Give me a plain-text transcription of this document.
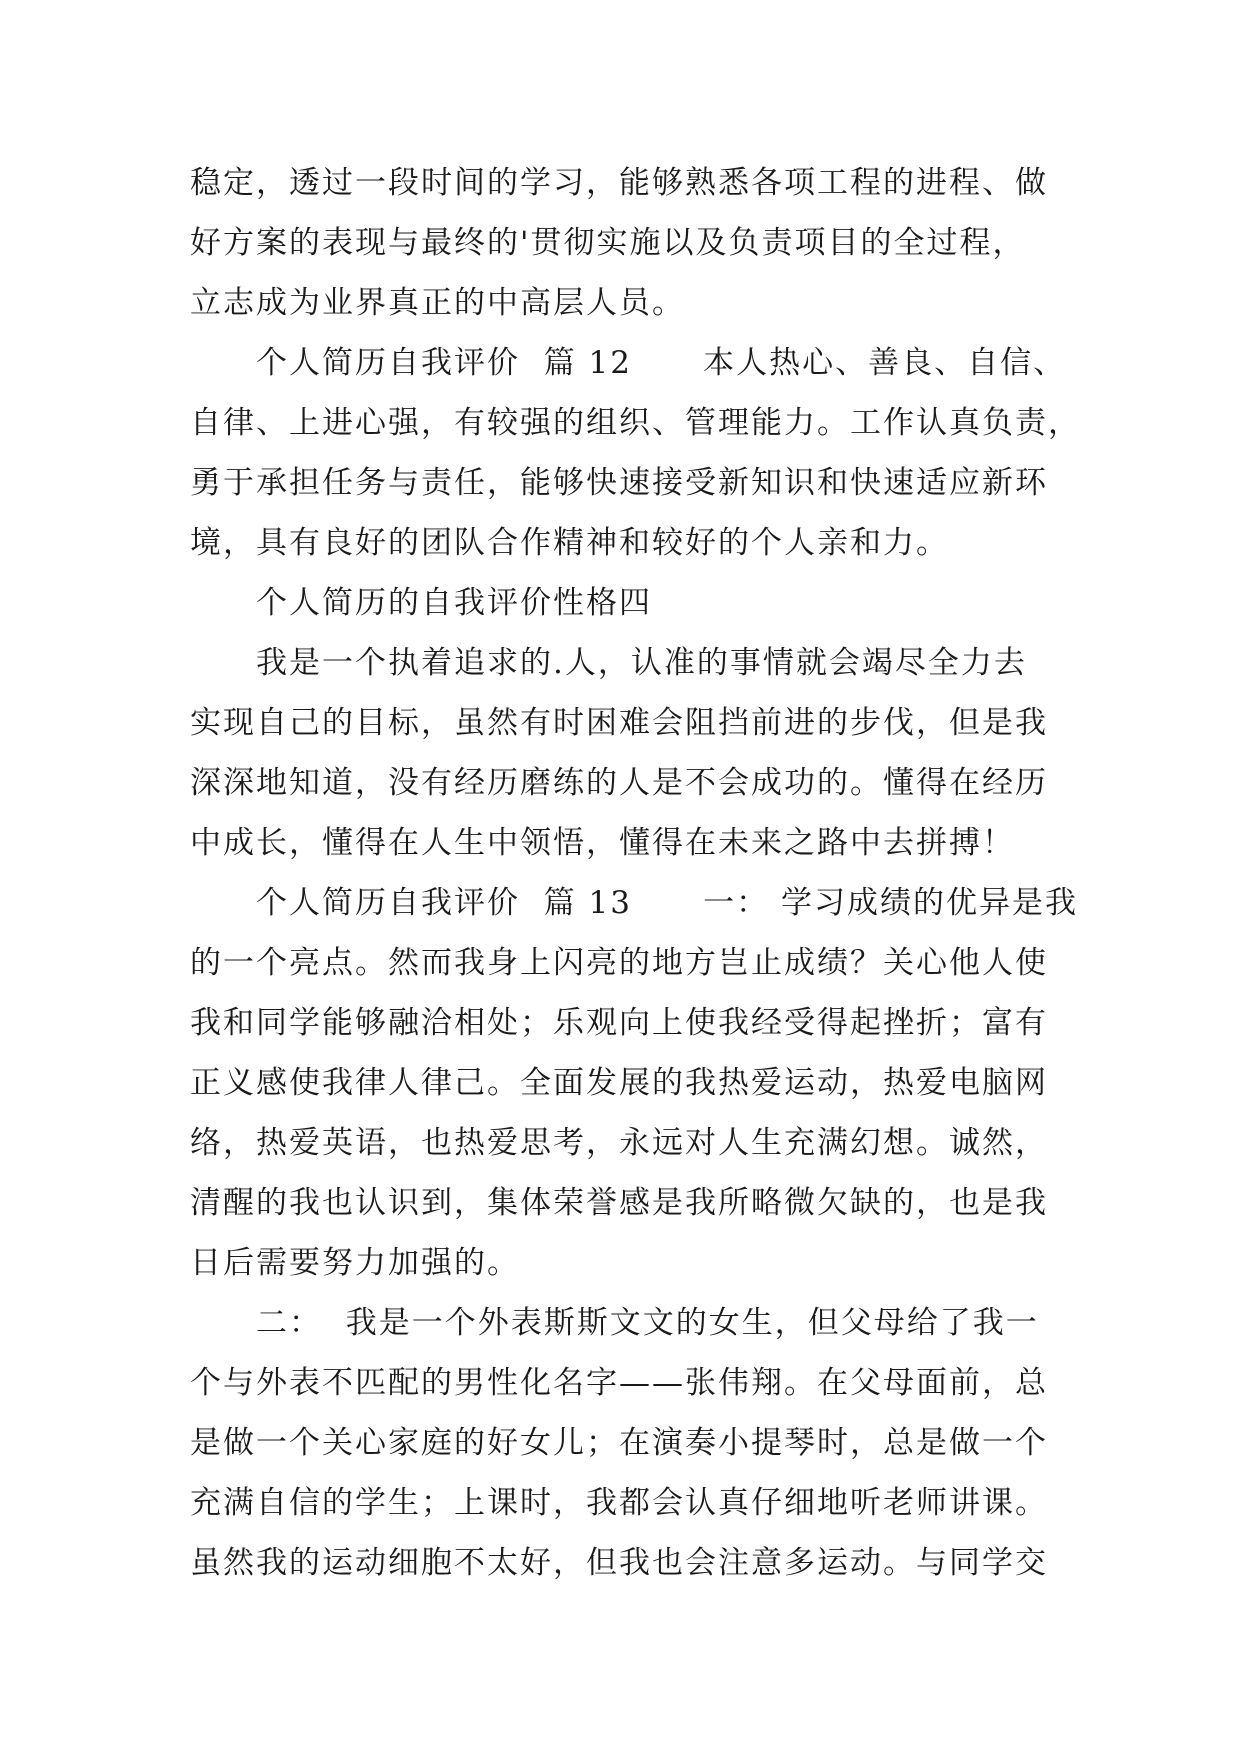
稳定，透过一段时间的学习，能够熟悉各项工程的进程、做
好方案的表现与最终的'贯彻实施以及负责项目的全过程，
立志成为业界真正的中高层人员。
个人简历自我评价  篇 12      本人热心、善良、自信、
自律、上进心强，有较强的组织、管理能力。工作认真负责，
勇于承担任务与责任，能够快速接受新知识和快速适应新环
境，具有良好的团队合作精神和较好的个人亲和力。
个人简历的自我评价性格四
我是一个执着追求的.人，认准的事情就会竭尽全力去
实现自己的目标，虽然有时困难会阻挡前进的步伐，但是我
深深地知道，没有经历磨练的人是不会成功的。懂得在经历
中成长，懂得在人生中领悟，懂得在未来之路中去拼搏！
个人简历自我评价  篇 13      一： 学习成绩的优异是我
的一个亮点。然而我身上闪亮的地方岂止成绩？关心他人使
我和同学能够融洽相处；乐观向上使我经受得起挫折；富有
正义感使我律人律己。全面发展的我热爱运动，热爱电脑网
络，热爱英语，也热爱思考，永远对人生充满幻想。诚然，
清醒的我也认识到，集体荣誉感是我所略微欠缺的，也是我
日后需要努力加强的。
二：  我是一个外表斯斯文文的女生，但父母给了我一
个与外表不匹配的男性化名字——张伟翔。在父母面前，总
是做一个关心家庭的好女儿；在演奏小提琴时，总是做一个
充满自信的学生；上课时，我都会认真仔细地听老师讲课。
虽然我的运动细胞不太好，但我也会注意多运动。与同学交
